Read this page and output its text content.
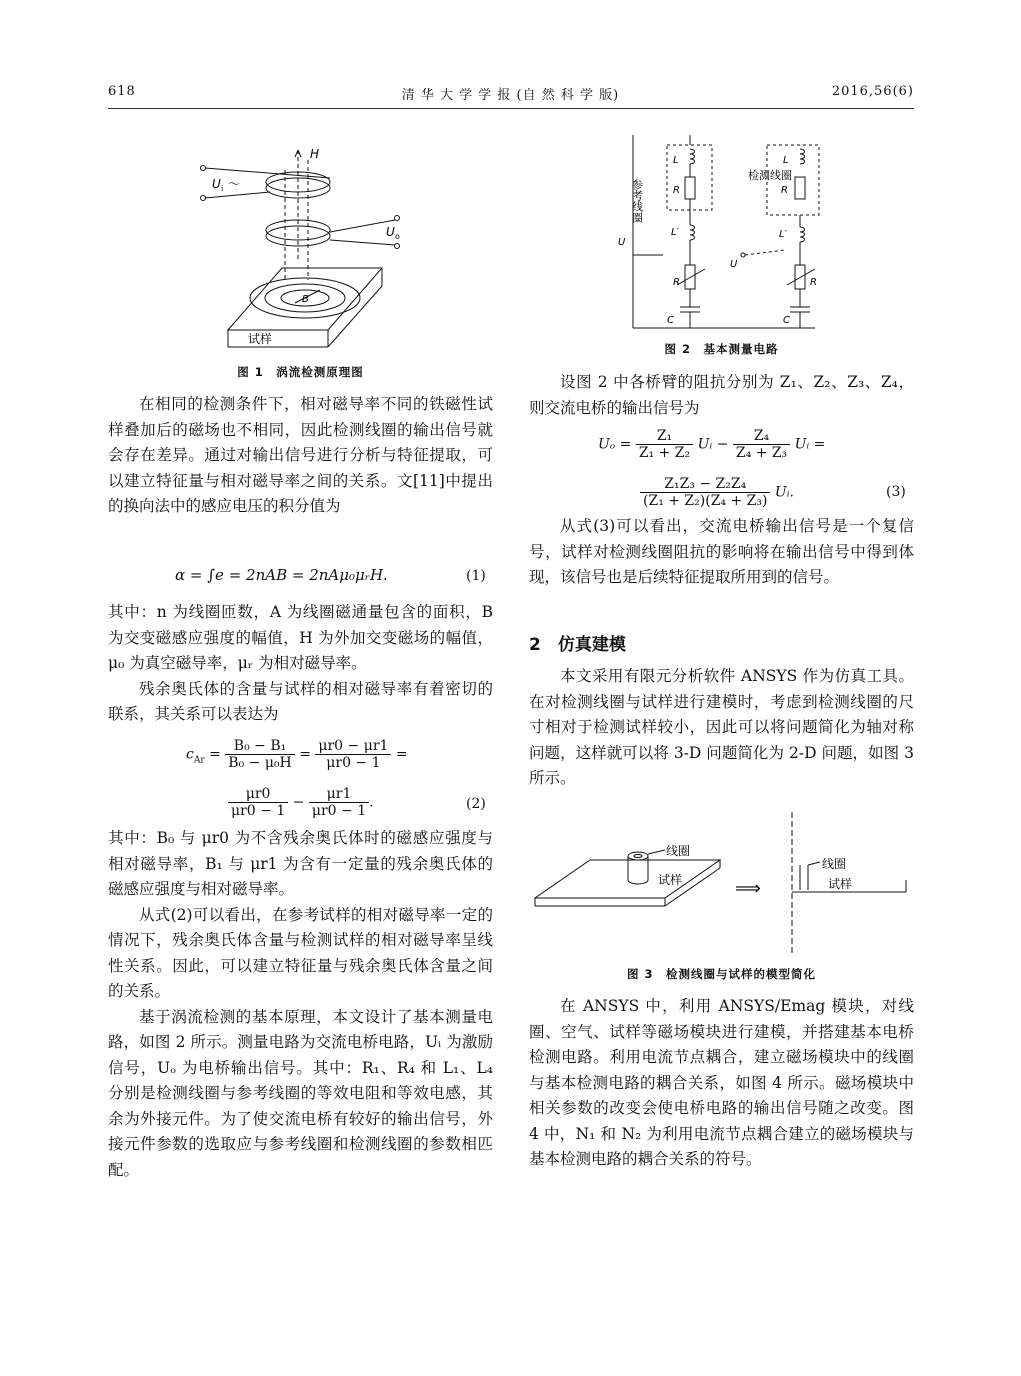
618	清 华 大 学 学 报 (自 然 科 学 版)	2016,56(6)
H
U i ～
U o
B
试样
图 1　涡流检测原理图

在相同的检测条件下，相对磁导率不同的铁磁性试样叠加后的磁场也不相同，因此检测线圈的输出信号就会存在差异。通过对输出信号进行分析与特征提取，可以建立特征量与相对磁导率之间的关系。文[11]中提出的换向法中的感应电压的积分值为

α = ∫e = 2nAB = 2nAμ₀μᵣH.	(1)

其中：n 为线圈匝数，A 为线圈磁通量包含的面积，B 为交变磁感应强度的幅值，H 为外加交变磁场的幅值，μ₀ 为真空磁导率，μᵣ 为相对磁导率。

残余奥氏体的含量与试样的相对磁导率有着密切的联系，其关系可以表达为

$c_{Ar} = \frac{\text{B₀ − B₁}}{\text{B₀ − μ₀H}} = \frac{\mu r0 - \mu r1}{\mu r0 - 1}$ =
$\frac{\mu r0}{\mu r0 - 1} - \frac{\mu r1}{\mu r0 - 1}$ .	(2)

其中：B₀ 与 μr0 为不含残余奥氏体时的磁感应强度与相对磁导率，B₁ 与 μr1 为含有一定量的残余奥氏体的磁感应强度与相对磁导率。

从式(2)可以看出，在参考试样的相对磁导率一定的情况下，残余奥氏体含量与检测试样的相对磁导率呈线性关系。因此，可以建立特征量与残余奥氏体含量之间的关系。

基于涡流检测的基本原理，本文设计了基本测量电路，如图 2 所示。测量电路为交流电桥电路，Uᵢ 为激励信号，Uₒ 为电桥输出信号。其中：R₁、R₄ 和 L₁、L₄ 分别是检测线圈与参考线圈的等效电阻和等效电感，其余为外接元件。为了使交流电桥有较好的输出信号，外接元件参数的选取应与参考线圈和检测线圈的参数相匹配。

参考线圈
检测线圈
L
R
L
R
L′	L′
R	R
C	C
U
U
图 2　基本测量电路

设图 2 中各桥臂的阻抗分别为 Z₁、Z₂、Z₃、Z₄，则交流电桥的输出信号为

$U_o = \frac{\text{Z₁}}{\text{Z₁ + Z₂}}$ Uᵢ − $\frac{\text{Z₄}}{\text{Z₄ + Z₃}}$ Uᵢ =
$\frac{\text{Z₁Z₃ − Z₂Z₄}}{\text{(Z₁ + Z₂)(Z₄ + Z₃)}}$ Uᵢ.	(3)

从式(3)可以看出，交流电桥输出信号是一个复信号，试样对检测线圈阻抗的影响将在输出信号中得到体现，该信号也是后续特征提取所用到的信号。

2　仿真建模

本文采用有限元分析软件 ANSYS 作为仿真工具。在对检测线圈与试样进行建模时，考虑到检测线圈的尺寸相对于检测试样较小，因此可以将问题简化为轴对称问题，这样就可以将 3-D 问题简化为 2-D 问题，如图 3 所示。

线圈
试样	⟹
线圈
试样
图 3　检测线圈与试样的模型简化

在 ANSYS 中，利用 ANSYS/Emag 模块，对线圈、空气、试样等磁场模块进行建模，并搭建基本电桥检测电路。利用电流节点耦合，建立磁场模块中的线圈与基本检测电路的耦合关系，如图 4 所示。磁场模块中相关参数的改变会使电桥电路的输出信号随之改变。图 4 中，N₁ 和 N₂ 为利用电流节点耦合建立的磁场模块与基本检测电路的耦合关系的符号。
